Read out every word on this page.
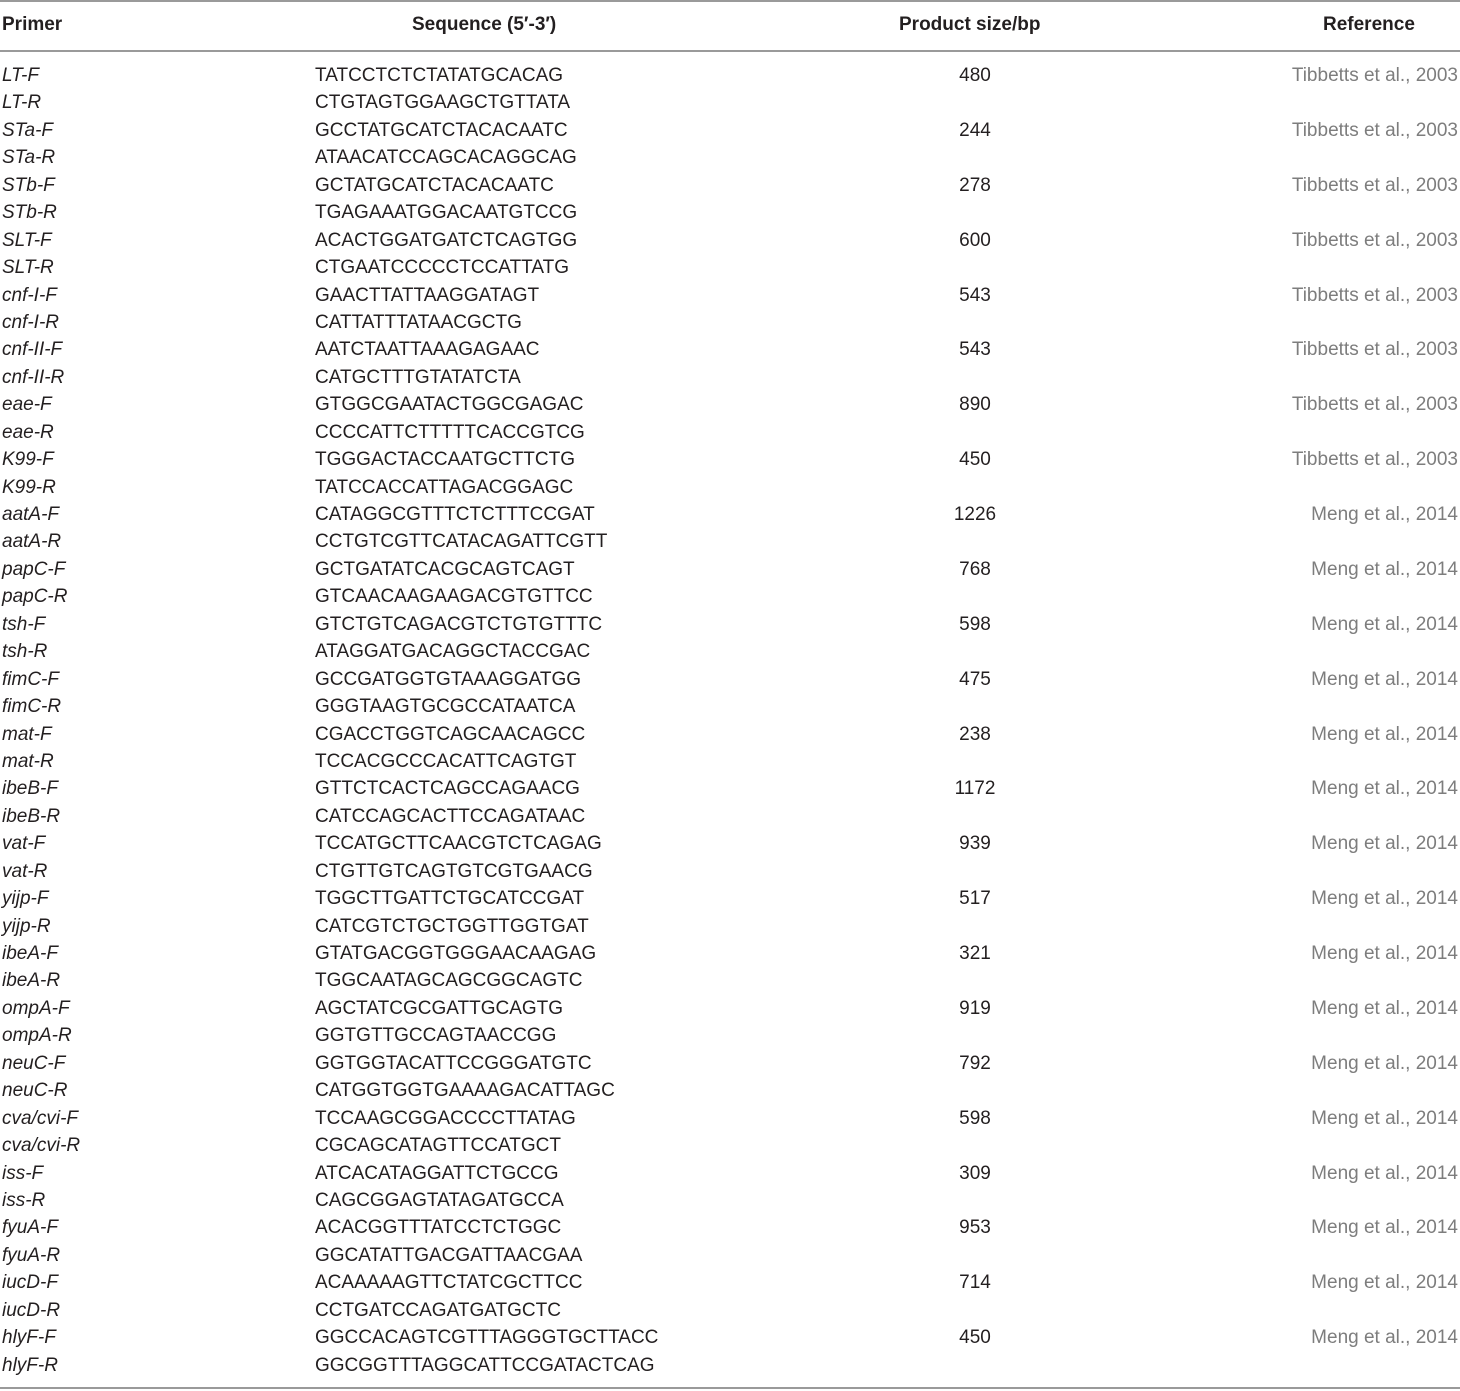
Primer	Sequence (5′-3′)	Product size/bp	Reference
LT-F	TATCCTCTCTATATGCACAG	480	Tibbetts et al., 2003
LT-R	CTGTAGTGGAAGCTGTTATA
STa-F	GCCTATGCATCTACACAATC	244	Tibbetts et al., 2003
STa-R	ATAACATCCAGCACAGGCAG
STb-F	GCTATGCATCTACACAATC	278	Tibbetts et al., 2003
STb-R	TGAGAAATGGACAATGTCCG
SLT-F	ACACTGGATGATCTCAGTGG	600	Tibbetts et al., 2003
SLT-R	CTGAATCCCCCTCCATTATG
cnf-I-F	GAACTTATTAAGGATAGT	543	Tibbetts et al., 2003
cnf-I-R	CATTATTTATAACGCTG
cnf-II-F	AATCTAATTAAAGAGAAC	543	Tibbetts et al., 2003
cnf-II-R	CATGCTTTGTATATCTA
eae-F	GTGGCGAATACTGGCGAGAC	890	Tibbetts et al., 2003
eae-R	CCCCATTCTTTTTCACCGTCG
K99-F	TGGGACTACCAATGCTTCTG	450	Tibbetts et al., 2003
K99-R	TATCCACCATTAGACGGAGC
aatA-F	CATAGGCGTTTCTCTTTCCGAT	1226	Meng et al., 2014
aatA-R	CCTGTCGTTCATACAGATTCGTT
papC-F	GCTGATATCACGCAGTCAGT	768	Meng et al., 2014
papC-R	GTCAACAAGAAGACGTGTTCC
tsh-F	GTCTGTCAGACGTCTGTGTTTC	598	Meng et al., 2014
tsh-R	ATAGGATGACAGGCTACCGAC
fimC-F	GCCGATGGTGTAAAGGATGG	475	Meng et al., 2014
fimC-R	GGGTAAGTGCGCCATAATCA
mat-F	CGACCTGGTCAGCAACAGCC	238	Meng et al., 2014
mat-R	TCCACGCCCACATTCAGTGT
ibeB-F	GTTCTCACTCAGCCAGAACG	1172	Meng et al., 2014
ibeB-R	CATCCAGCACTTCCAGATAAC
vat-F	TCCATGCTTCAACGTCTCAGAG	939	Meng et al., 2014
vat-R	CTGTTGTCAGTGTCGTGAACG
yijp-F	TGGCTTGATTCTGCATCCGAT	517	Meng et al., 2014
yijp-R	CATCGTCTGCTGGTTGGTGAT
ibeA-F	GTATGACGGTGGGAACAAGAG	321	Meng et al., 2014
ibeA-R	TGGCAATAGCAGCGGCAGTC
ompA-F	AGCTATCGCGATTGCAGTG	919	Meng et al., 2014
ompA-R	GGTGTTGCCAGTAACCGG
neuC-F	GGTGGTACATTCCGGGATGTC	792	Meng et al., 2014
neuC-R	CATGGTGGTGAAAAGACATTAGC
cva/cvi-F	TCCAAGCGGACCCCTTATAG	598	Meng et al., 2014
cva/cvi-R	CGCAGCATAGTTCCATGCT
iss-F	ATCACATAGGATTCTGCCG	309	Meng et al., 2014
iss-R	CAGCGGAGTATAGATGCCA
fyuA-F	ACACGGTTTATCCTCTGGC	953	Meng et al., 2014
fyuA-R	GGCATATTGACGATTAACGAA
iucD-F	ACAAAAAGTTCTATCGCTTCC	714	Meng et al., 2014
iucD-R	CCTGATCCAGATGATGCTC
hlyF-F	GGCCACAGTCGTTTAGGGTGCTTACC	450	Meng et al., 2014
hlyF-R	GGCGGTTTAGGCATTCCGATACTCAG
